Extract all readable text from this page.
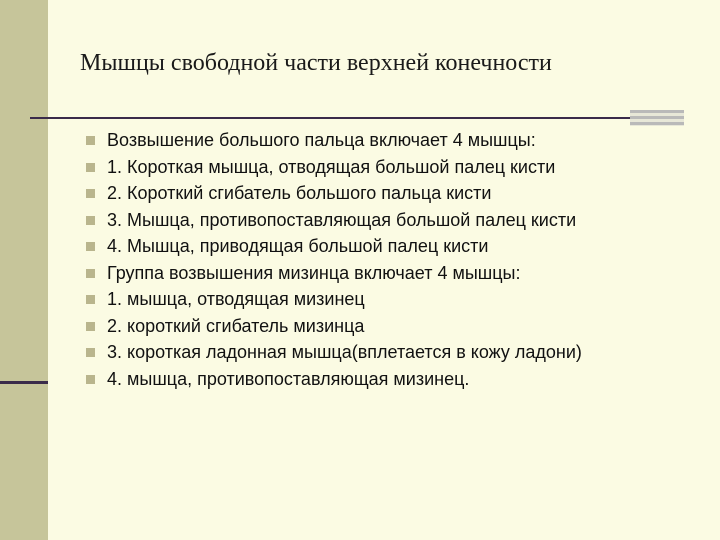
Мышцы свободной части верхней конечности
Возвышение большого пальца включает 4 мышцы:
1. Короткая мышца, отводящая большой палец кисти
2. Короткий сгибатель большого пальца кисти
3. Мышца, противопоставляющая большой палец кисти
4. Мышца, приводящая большой палец кисти
Группа возвышения мизинца включает 4 мышцы:
1. мышца, отводящая мизинец
2. короткий сгибатель мизинца
3. короткая ладонная мышца(вплетается в кожу ладони)
4. мышца, противопоставляющая мизинец.
